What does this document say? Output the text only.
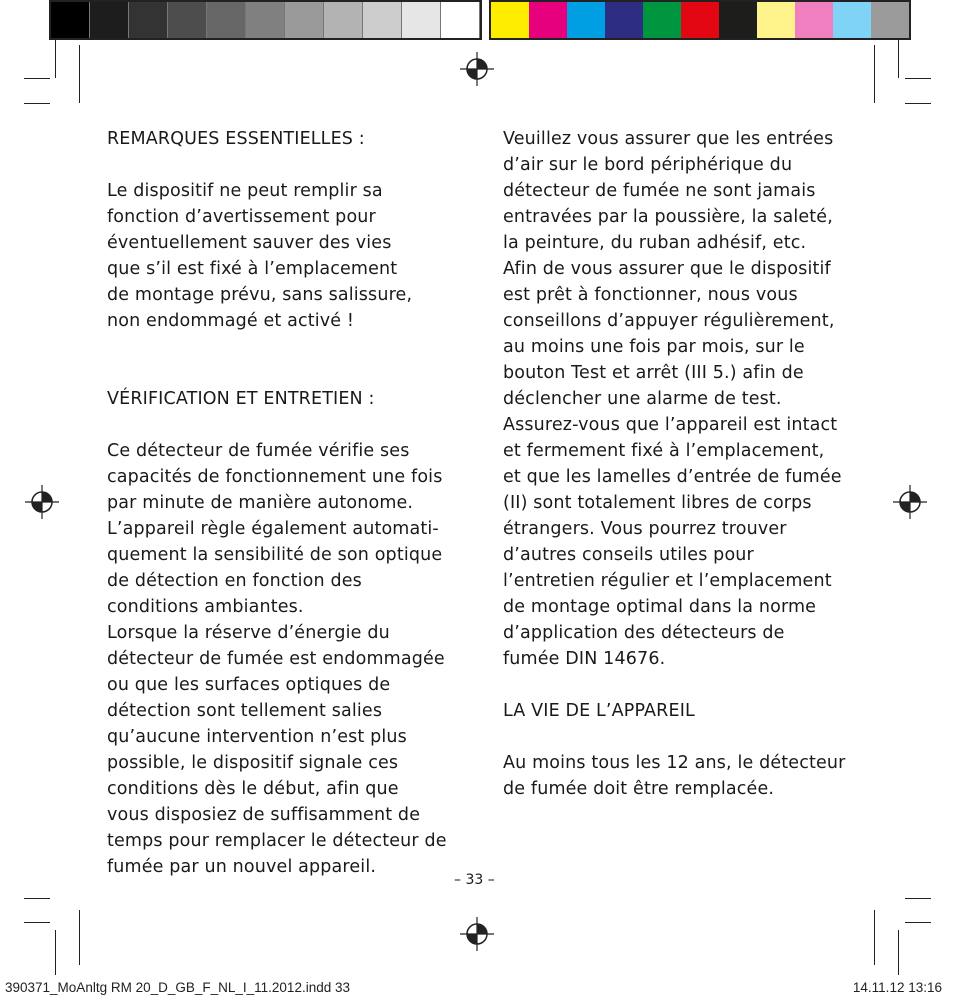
REMARQUES ESSENTIELLES :

Le dispositif ne peut remplir sa

fonction d’avertissement pour

éventuellement sauver des vies

que s’il est fixé à l’emplacement

de montage prévu, sans salissure,

non endommagé et activé !

VÉRIFICATION ET ENTRETIEN :

Ce détecteur de fumée vérifie ses

capacités de fonctionnement une fois

par minute de manière autonome.

L’appareil règle également automati-

quement la sensibilité de son optique

de détection en fonction des

conditions ambiantes.

Lorsque la réserve d’énergie du

détecteur de fumée est endommagée

ou que les surfaces optiques de

détection sont tellement salies

qu’aucune intervention n’est plus

possible, le dispositif signale ces

conditions dès le début, afin que

vous disposiez de suffisamment de

temps pour remplacer le détecteur de

fumée par un nouvel appareil.

Veuillez vous assurer que les entrées

d’air sur le bord périphérique du

détecteur de fumée ne sont jamais

entravées par la poussière, la saleté,

la peinture, du ruban adhésif, etc.

Afin de vous assurer que le dispositif

est prêt à fonctionner, nous vous

conseillons d’appuyer régulièrement,

au moins une fois par mois, sur le

bouton Test et arrêt (III 5.) afin de

déclencher une alarme de test.

Assurez-vous que l’appareil est intact

et fermement fixé à l’emplacement,

et que les lamelles d’entrée de fumée

(II) sont totalement libres de corps

étrangers. Vous pourrez trouver

d’autres conseils utiles pour

l’entretien régulier et l’emplacement

de montage optimal dans la norme

d’application des détecteurs de

fumée DIN 14676.

LA VIE DE L’APPAREIL

Au moins tous les 12 ans, le détecteur

de fumée doit être remplacée.

– 33 –
390371_MoAnltg RM 20_D_GB_F_NL_I_11.2012.indd 33	14.11.12 13:16
